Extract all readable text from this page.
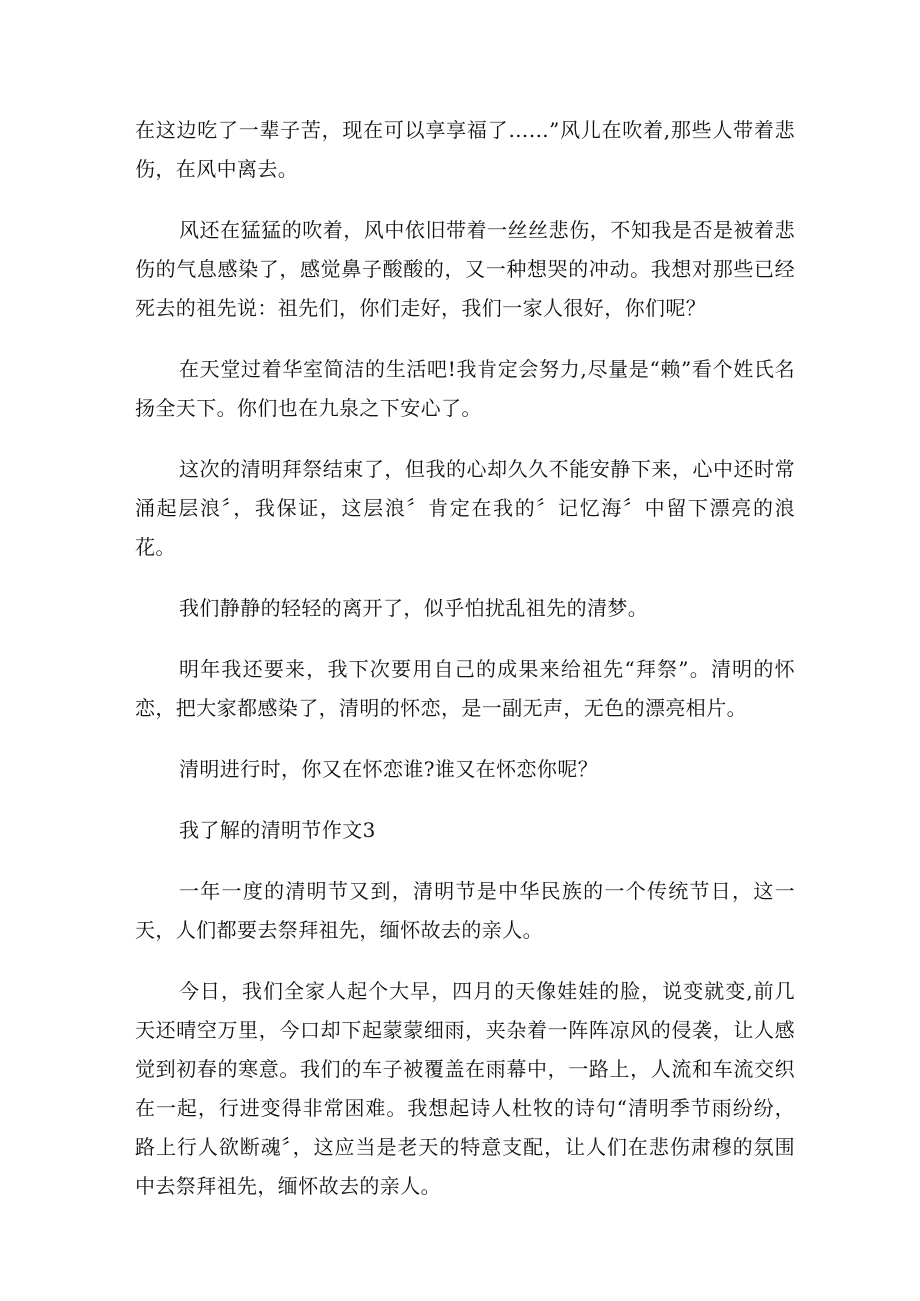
在这边吃了一辈子苦，现在可以享享福了……”风儿在吹着,那些人带着悲伤，在风中离去。

风还在猛猛的吹着，风中依旧带着一丝丝悲伤，不知我是否是被着悲伤的气息感染了，感觉鼻子酸酸的，又一种想哭的冲动。我想对那些已经死去的祖先说：祖先们，你们走好，我们一家人很好，你们呢？

在天堂过着华室简洁的生活吧!我肯定会努力,尽量是“赖”看个姓氏名扬全天下。你们也在九泉之下安心了。

这次的清明拜祭结束了，但我的心却久久不能安静下来，心中还时常涌起层浪〞，我保证，这层浪〞肯定在我的〞记忆海〞中留下漂亮的浪花。

我们静静的轻轻的离开了，似乎怕扰乱祖先的清梦。

明年我还要来，我下次要用自己的成果来给祖先“拜祭”。清明的怀恋，把大家都感染了，清明的怀恋，是一副无声，无色的漂亮相片。

清明进行时，你又在怀恋谁?谁又在怀恋你呢？

我了解的清明节作文3

一年一度的清明节又到，清明节是中华民族的一个传统节日，这一天，人们都要去祭拜祖先，缅怀故去的亲人。

今日，我们全家人起个大早，四月的天像娃娃的脸，说变就变,前几天还晴空万里，今口却下起蒙蒙细雨，夹杂着一阵阵凉风的侵袭，让人感觉到初春的寒意。我们的车子被覆盖在雨幕中，一路上，人流和车流交织在一起，行进变得非常困难。我想起诗人杜牧的诗句“清明季节雨纷纷，路上行人欲断魂〞，这应当是老天的特意支配，让人们在悲伤肃穆的氛围中去祭拜祖先，缅怀故去的亲人。
